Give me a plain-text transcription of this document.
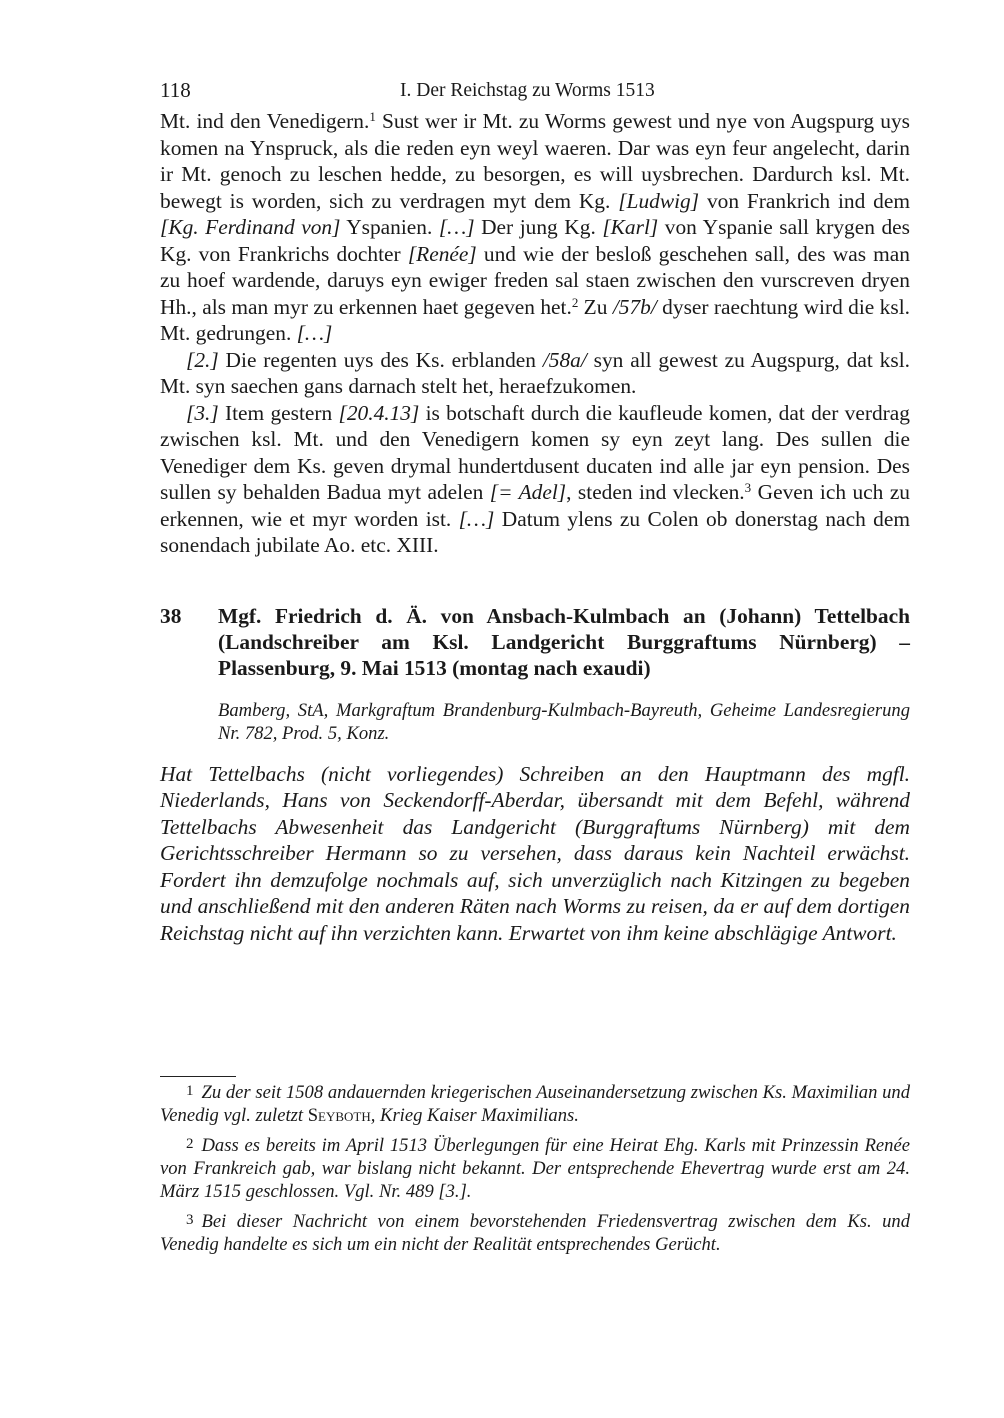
118	I. Der Reichstag zu Worms 1513

Mt. ind den Venedigern.$^1$ Sust wer ir Mt. zu Worms gewest und nye von Augspurg uys komen na Ynspruck, als die reden eyn weyl waeren. Dar was eyn feur angelecht, darin ir Mt. genoch zu leschen hedde, zu besorgen, es will uysbrechen. Dardurch ksl. Mt. bewegt is worden, sich zu verdragen myt dem Kg. [Ludwig] von Frankrich ind dem [Kg. Ferdinand von] Yspanien. […] Der jung Kg. [Karl] von Yspanie sall krygen des Kg. von Frankrichs dochter [Renée] und wie der besloß geschehen sall, des was man zu hoef wardende, daruys eyn ewiger freden sal staen zwischen den vurscreven dryen Hh., als man myr zu erkennen haet gegeven het.$^2$ Zu /57b/ dyser raechtung wird die ksl. Mt. gedrungen. […]

[2.] Die regenten uys des Ks. erblanden /58a/ syn all gewest zu Augspurg, dat ksl. Mt. syn saechen gans darnach stelt het, heraefzukomen.

[3.] Item gestern [20.4.13] is botschaft durch die kaufleude komen, dat der verdrag zwischen ksl. Mt. und den Venedigern komen sy eyn zeyt lang. Des sullen die Venediger dem Ks. geven drymal hundertdusent ducaten ind alle jar eyn pension. Des sullen sy behalden Badua myt adelen [= Adel], steden ind vlecken.$^3$ Geven ich uch zu erkennen, wie et myr worden ist. […] Datum ylens zu Colen ob donerstag nach dem sonendach jubilate Ao. etc. XIII.

38	Mgf. Friedrich d. Ä. von Ansbach-Kulmbach an (Johann) Tettelbach (Landschreiber am Ksl. Landgericht Burggraftums Nürnberg) – Plassenburg, 9. Mai 1513 (montag nach exaudi)
Bamberg, StA, Markgraftum Brandenburg-Kulmbach-Bayreuth, Geheime Landesregierung Nr. 782, Prod. 5, Konz.
Hat Tettelbachs (nicht vorliegendes) Schreiben an den Hauptmann des mgfl. Niederlands, Hans von Seckendorff-Aberdar, übersandt mit dem Befehl, während Tettelbachs Abwesenheit das Landgericht (Burggraftums Nürnberg) mit dem Gerichtsschreiber Hermann so zu versehen, dass daraus kein Nachteil erwächst. Fordert ihn demzufolge nochmals auf, sich unverzüglich nach Kitzingen zu begeben und anschließend mit den anderen Räten nach Worms zu reisen, da er auf dem dortigen Reichstag nicht auf ihn verzichten kann. Erwartet von ihm keine abschlägige Antwort.
1 Zu der seit 1508 andauernden kriegerischen Auseinandersetzung zwischen Ks. Maximilian und Venedig vgl. zuletzt Seyboth, Krieg Kaiser Maximilians.
2 Dass es bereits im April 1513 Überlegungen für eine Heirat Ehg. Karls mit Prinzessin Renée von Frankreich gab, war bislang nicht bekannt. Der entsprechende Ehevertrag wurde erst am 24. März 1515 geschlossen. Vgl. Nr. 489 [3.].
3 Bei dieser Nachricht von einem bevorstehenden Friedensvertrag zwischen dem Ks. und Venedig handelte es sich um ein nicht der Realität entsprechendes Gerücht.
